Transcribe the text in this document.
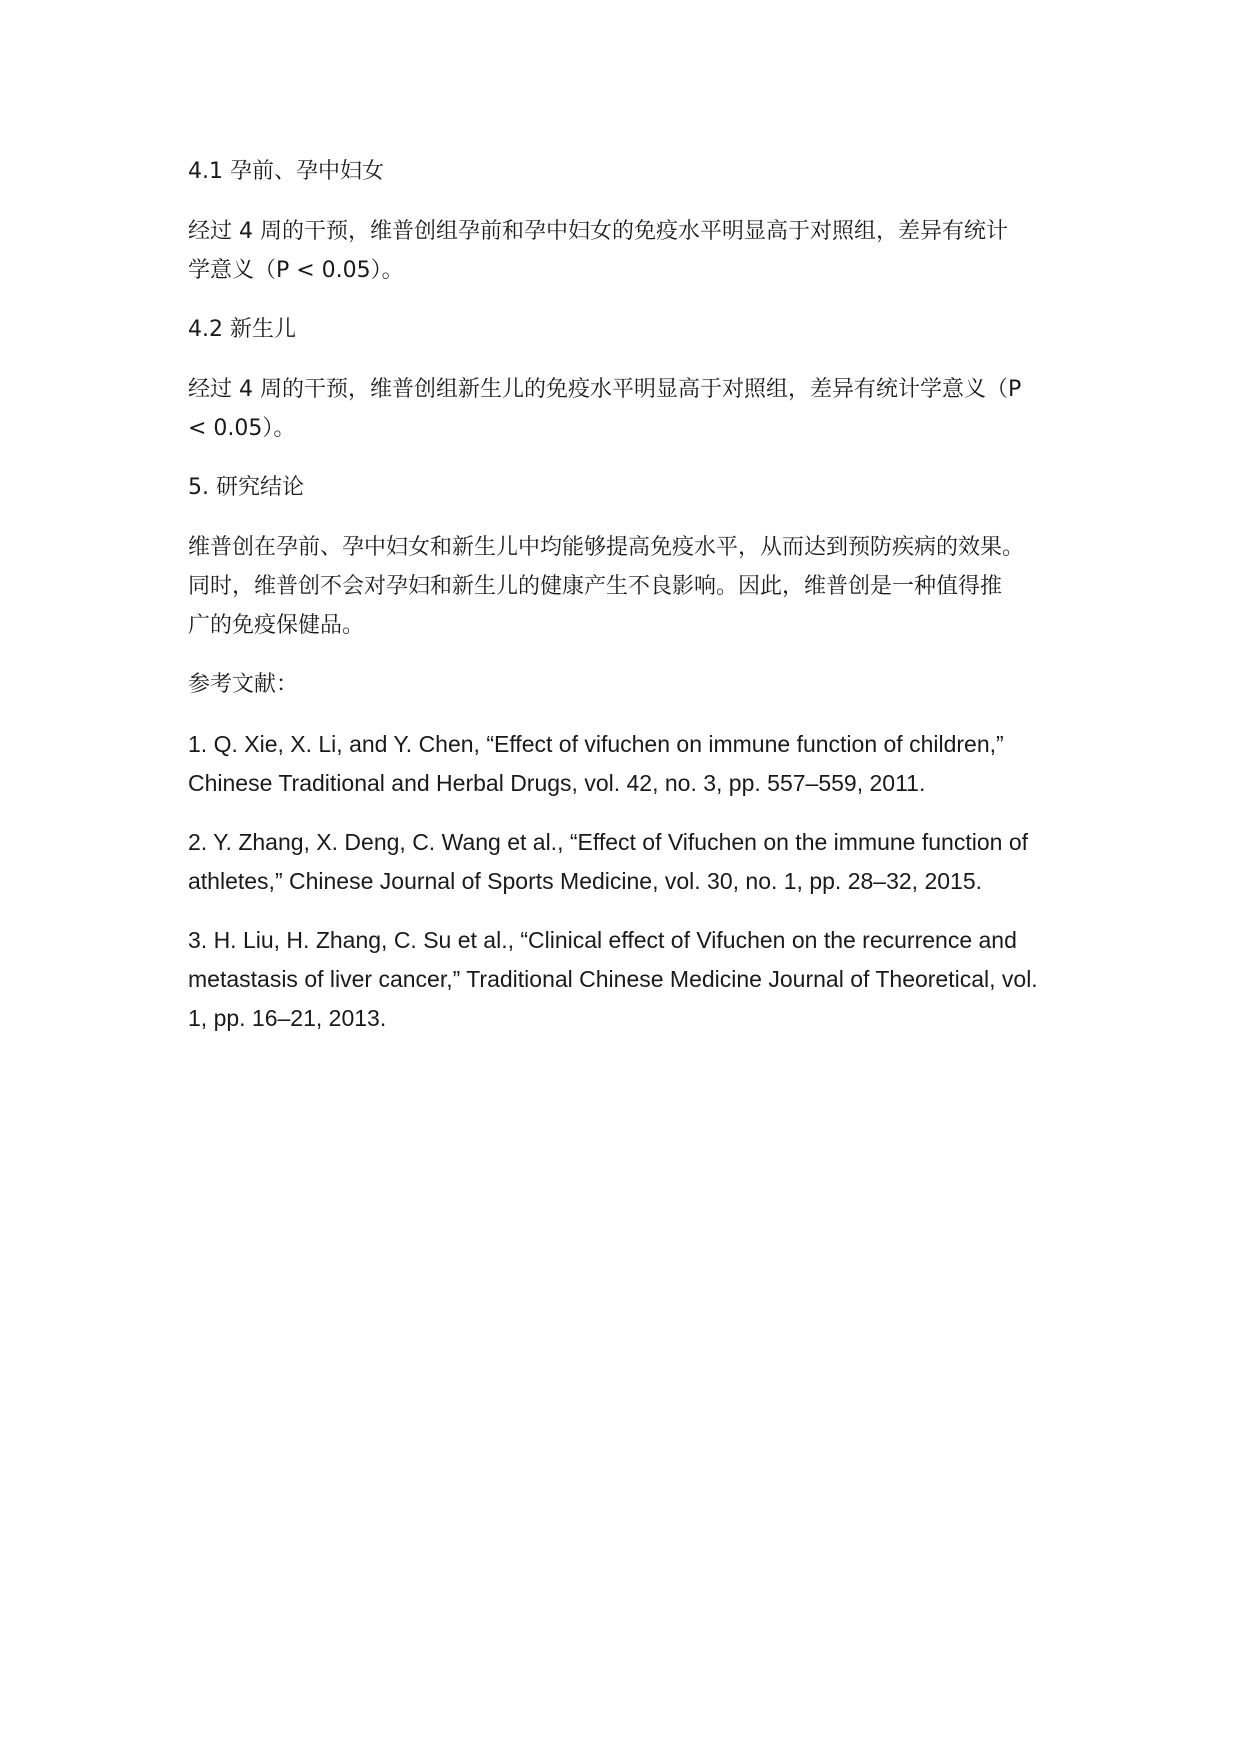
4.1 孕前、孕中妇女

经过 4 周的干预，维普创组孕前和孕中妇女的免疫水平明显高于对照组，差异有统计
学意义（P < 0.05）。

4.2 新生儿

经过 4 周的干预，维普创组新生儿的免疫水平明显高于对照组，差异有统计学意义（P
< 0.05）。

5. 研究结论

维普创在孕前、孕中妇女和新生儿中均能够提高免疫水平，从而达到预防疾病的效果。
同时，维普创不会对孕妇和新生儿的健康产生不良影响。因此，维普创是一种值得推
广的免疫保健品。

参考文献：

1. Q. Xie, X. Li, and Y. Chen, “Effect of vifuchen on immune function of children,”
Chinese Traditional and Herbal Drugs, vol. 42, no. 3, pp. 557–559, 2011.

2. Y. Zhang, X. Deng, C. Wang et al., “Effect of Vifuchen on the immune function of
athletes,” Chinese Journal of Sports Medicine, vol. 30, no. 1, pp. 28–32, 2015.

3. H. Liu, H. Zhang, C. Su et al., “Clinical effect of Vifuchen on the recurrence and
metastasis of liver cancer,” Traditional Chinese Medicine Journal of Theoretical, vol.
1, pp. 16–21, 2013.
